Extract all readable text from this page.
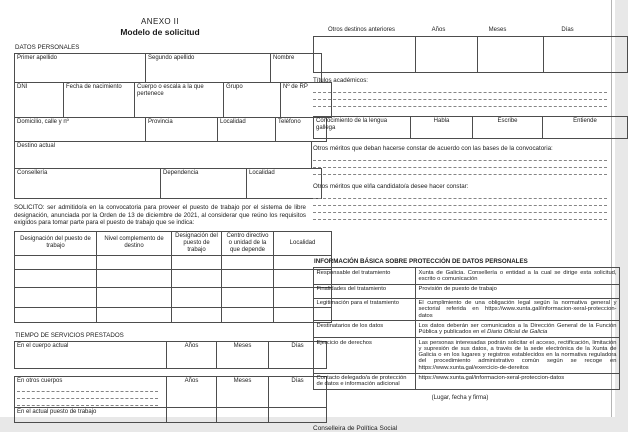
ANEXO II
Modelo de solicitud
DATOS PERSONALES
Primer apellido	Segundo apellido	Nombre
DNI	Fecha de nacimiento	Cuerpo o escala a la que pertenece	Grupo	Nº de RP
Domicilio, calle y nº	Provincia	Localidad	Teléfono
Destino actual
Consellería	Dependencia	Localidad
SOLICITO: ser admitido/a en la convocatoria para proveer el puesto de trabajo por el sistema de libre designación, anunciada por la Orden de 13 de diciembre de 2021, al considerar que reúno los requisitos exigidos para tomar parte para el puesto de trabajo que se indica:
Designación del puesto de trabajo	Nivel complemento de destino	Designación del puesto de trabajo	Centro directivo o unidad de la que depende	Localidad

TIEMPO DE SERVICIOS PRESTADOS
En el cuerpo actual	Años	Meses	Días
En otros cuerpos	Años	Meses	Días
En el actual puesto de trabajo			
Otros destinos anteriores	Años	Meses	Días

Títulos académicos:
Conocimiento de la lengua gallega	Habla	Escribe	Entiende
Otros méritos que deban hacerse constar de acuerdo con las bases de la convocatoria:
Otros méritos que el/la candidato/a desee hacer constar:
INFORMACIÓN BÁSICA SOBRE PROTECCIÓN DE DATOS PERSONALES
Responsable del tratamiento	Xunta de Galicia. Consellería o entidad a la cual se dirige esta solicitud, escrito o comunicación
Finalidades del tratamiento	Provisión de puesto de trabajo
Legitimación para el tratamiento	El cumplimiento de una obligación legal según la normativa general y sectorial referida en https://www.xunta.gal/informacion-xeral-proteccion-datos
Destinatarios de los datos	Los datos deberán ser comunicados a la Dirección General de la Función Pública y publicados en el Diario Oficial de Galicia
Ejercicio de derechos	Las personas interesadas podrán solicitar el acceso, rectificación, limitación y supresión de sus datos, a través de la sede electrónica de la Xunta de Galicia o en los lugares y registros establecidos en la normativa reguladora del procedimiento administrativo común según se recoge en https://www.xunta.gal/exercicio-de-dereitos
Contacto delegado/a de protección de datos e información adicional	https://www.xunta.gal/informacion-xeral-proteccion-datos
(Lugar, fecha y firma)
Conselleira de Política Social
